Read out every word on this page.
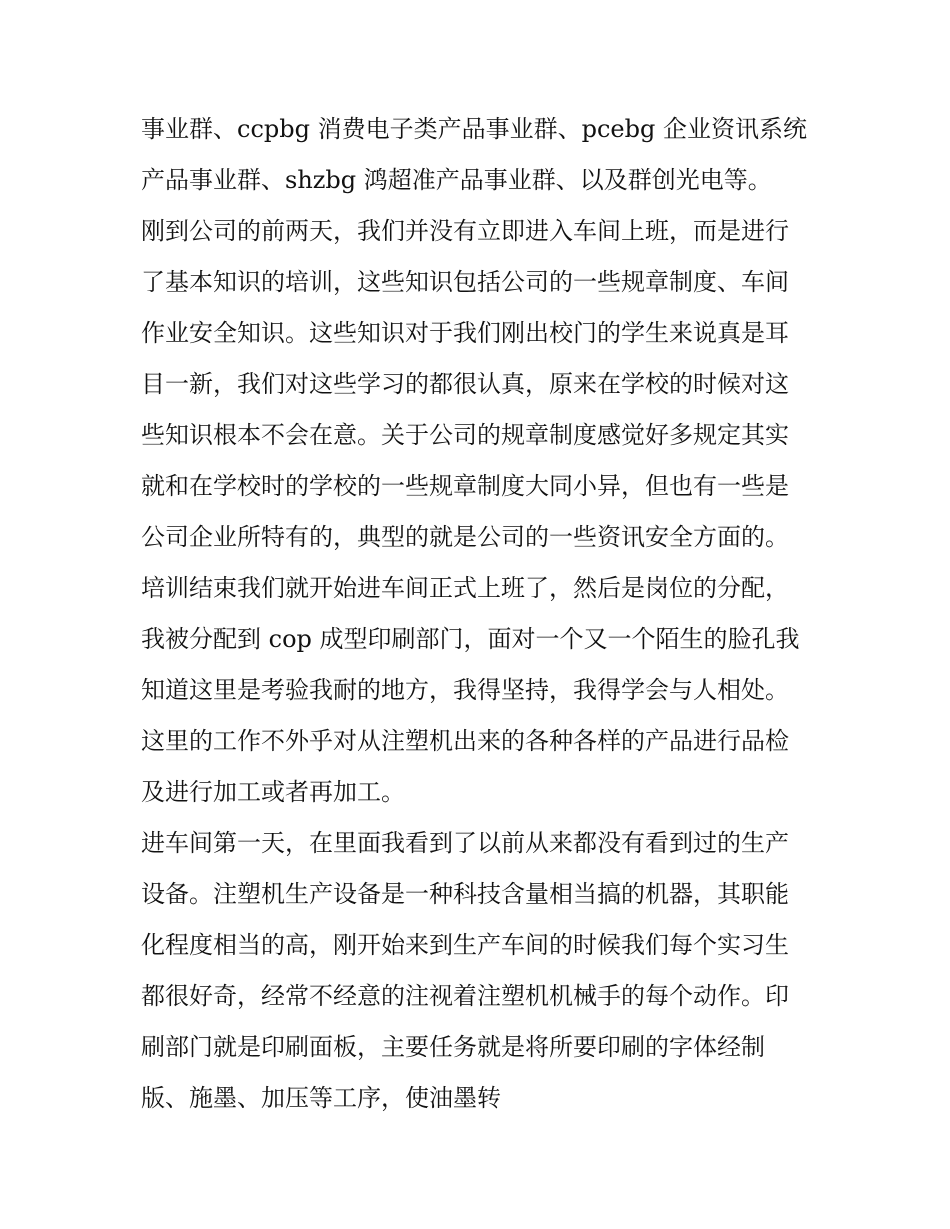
事业群、ccpbg 消费电子类产品事业群、pcebg 企业资讯系统
产品事业群、shzbg 鸿超准产品事业群、以及群创光电等。
刚到公司的前两天，我们并没有立即进入车间上班，而是进行
了基本知识的培训，这些知识包括公司的一些规章制度、车间
作业安全知识。这些知识对于我们刚出校门的学生来说真是耳
目一新，我们对这些学习的都很认真，原来在学校的时候对这
些知识根本不会在意。关于公司的规章制度感觉好多规定其实
就和在学校时的学校的一些规章制度大同小异，但也有一些是
公司企业所特有的，典型的就是公司的一些资讯安全方面的。
培训结束我们就开始进车间正式上班了，然后是岗位的分配，
我被分配到 cop 成型印刷部门，面对一个又一个陌生的脸孔我
知道这里是考验我耐的地方，我得坚持，我得学会与人相处。
这里的工作不外乎对从注塑机出来的各种各样的产品进行品检
及进行加工或者再加工。
进车间第一天，在里面我看到了以前从来都没有看到过的生产
设备。注塑机生产设备是一种科技含量相当搞的机器，其职能
化程度相当的高，刚开始来到生产车间的时候我们每个实习生
都很好奇，经常不经意的注视着注塑机机械手的每个动作。印
刷部门就是印刷面板，主要任务就是将所要印刷的字体经制
版、施墨、加压等工序，使油墨转
